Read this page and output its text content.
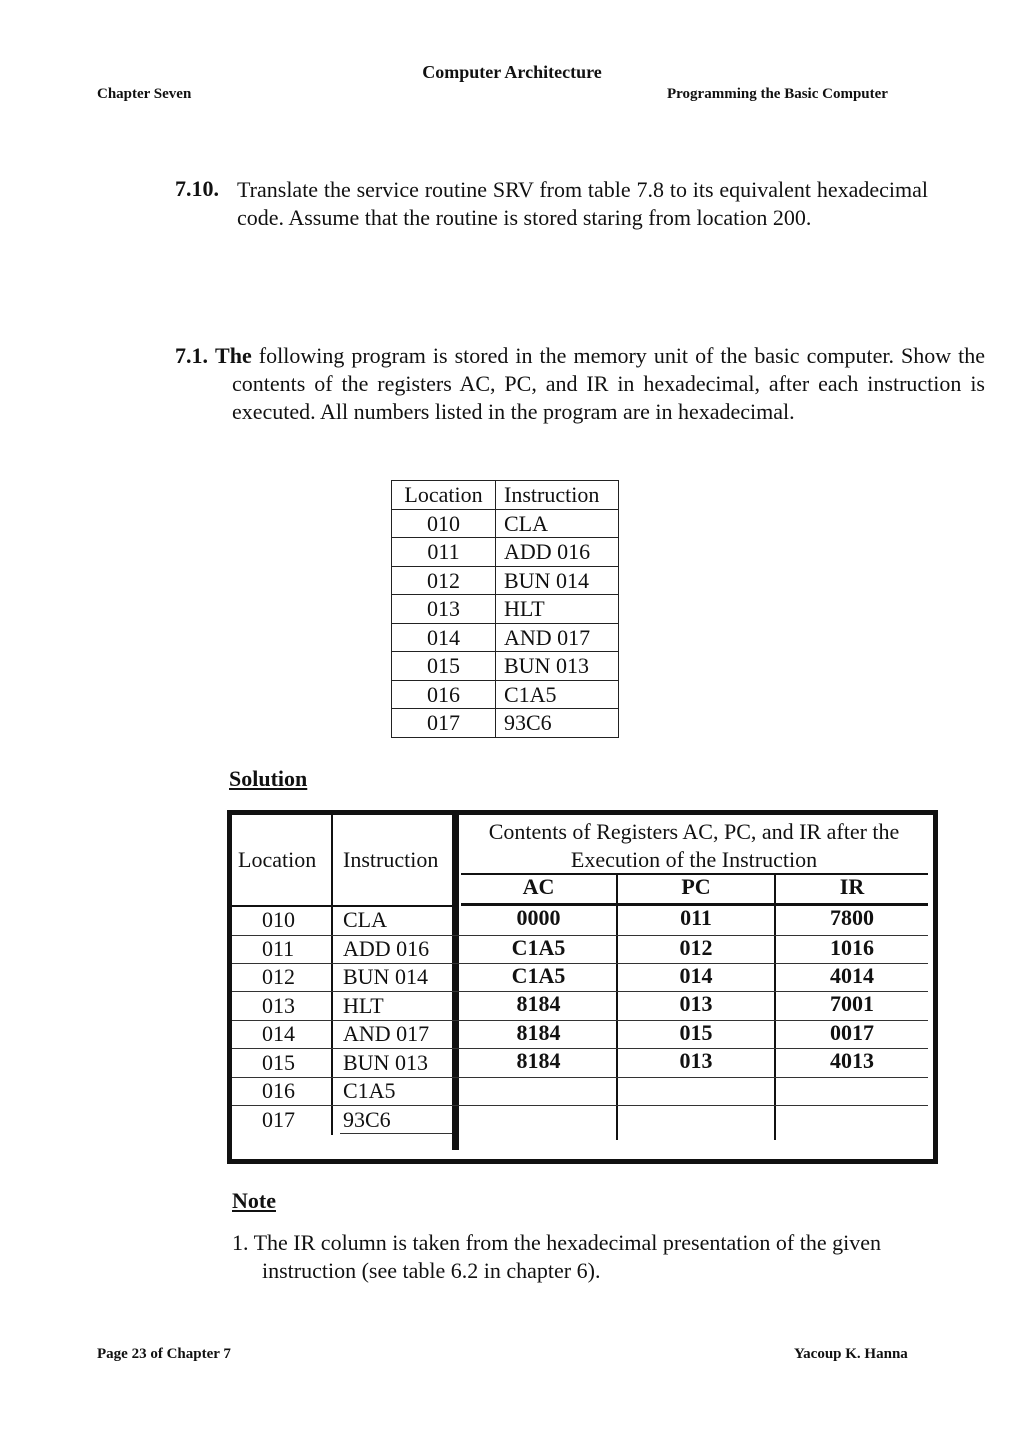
Computer Architecture
Chapter Seven	Programming the Basic Computer
7.10. Translate the service routine SRV from table 7.8 to its equivalent hexadecimal code. Assume that the routine is stored staring from location 200.
7.1. The following program is stored in the memory unit of the basic computer. Show the contents of the registers AC, PC, and IR in hexadecimal, after each instruction is executed. All numbers listed in the program are in hexadecimal.
Location	Instruction
010	CLA
011	ADD 016
012	BUN 014
013	HLT
014	AND 017
015	BUN 013
016	C1A5
017	93C6
Solution
Location Instruction
Contents of Registers AC, PC, and IR after the Execution of the Instruction
AC	PC	IR
010 CLA	0000	011	7800
011 ADD 016	C1A5	012	1016
012 BUN 014	C1A5	014	4014
013 HLT	8184	013	7001
014 AND 017	8184	015	0017
015 BUN 013	8184	013	4013
016 C1A5
017 93C6
Note
1. The IR column is taken from the hexadecimal presentation of the given instruction (see table 6.2 in chapter 6).
Page 23 of Chapter 7	Yacoup K. Hanna
